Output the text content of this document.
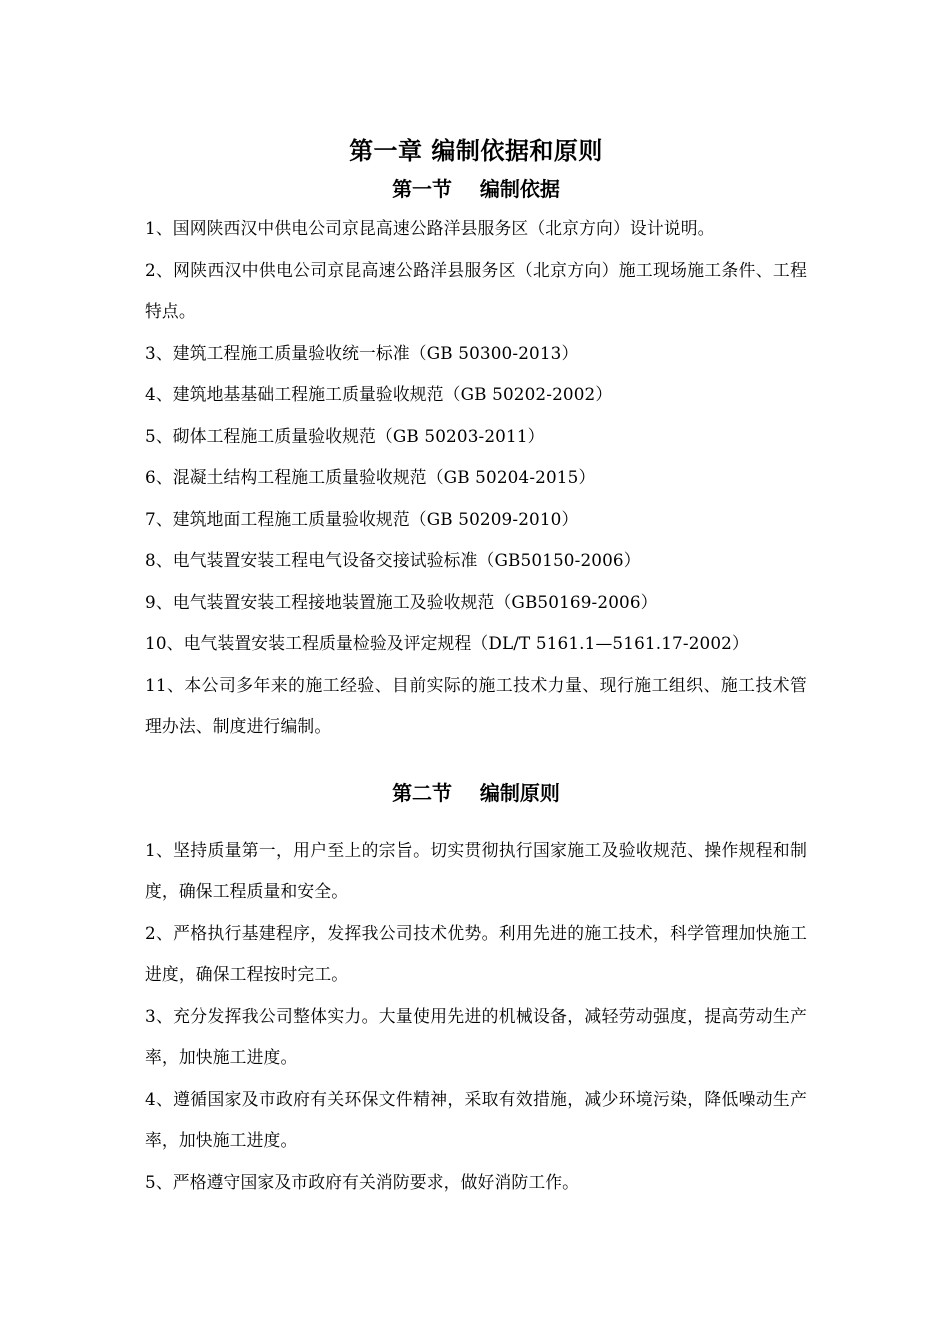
第一章 编制依据和原则
第一节    编制依据

1、国网陕西汉中供电公司京昆高速公路洋县服务区（北京方向）设计说明。

2、网陕西汉中供电公司京昆高速公路洋县服务区（北京方向）施工现场施工条件、工程特点。

3、建筑工程施工质量验收统一标准（GB 50300-2013）

4、建筑地基基础工程施工质量验收规范（GB 50202-2002）

5、砌体工程施工质量验收规范（GB 50203-2011）

6、混凝土结构工程施工质量验收规范（GB 50204-2015）

7、建筑地面工程施工质量验收规范（GB 50209-2010）

8、电气装置安装工程电气设备交接试验标准（GB50150-2006）

9、电气装置安装工程接地装置施工及验收规范（GB50169-2006）

10、电气装置安装工程质量检验及评定规程（DL/T 5161.1—5161.17-2002）

11、本公司多年来的施工经验、目前实际的施工技术力量、现行施工组织、施工技术管理办法、制度进行编制。

第二节    编制原则

1、坚持质量第一，用户至上的宗旨。切实贯彻执行国家施工及验收规范、操作规程和制度，确保工程质量和安全。

2、严格执行基建程序，发挥我公司技术优势。利用先进的施工技术，科学管理加快施工进度，确保工程按时完工。

3、充分发挥我公司整体实力。大量使用先进的机械设备，减轻劳动强度，提高劳动生产率，加快施工进度。

4、遵循国家及市政府有关环保文件精神，采取有效措施，减少环境污染，降低噪动生产率，加快施工进度。

5、严格遵守国家及市政府有关消防要求，做好消防工作。
